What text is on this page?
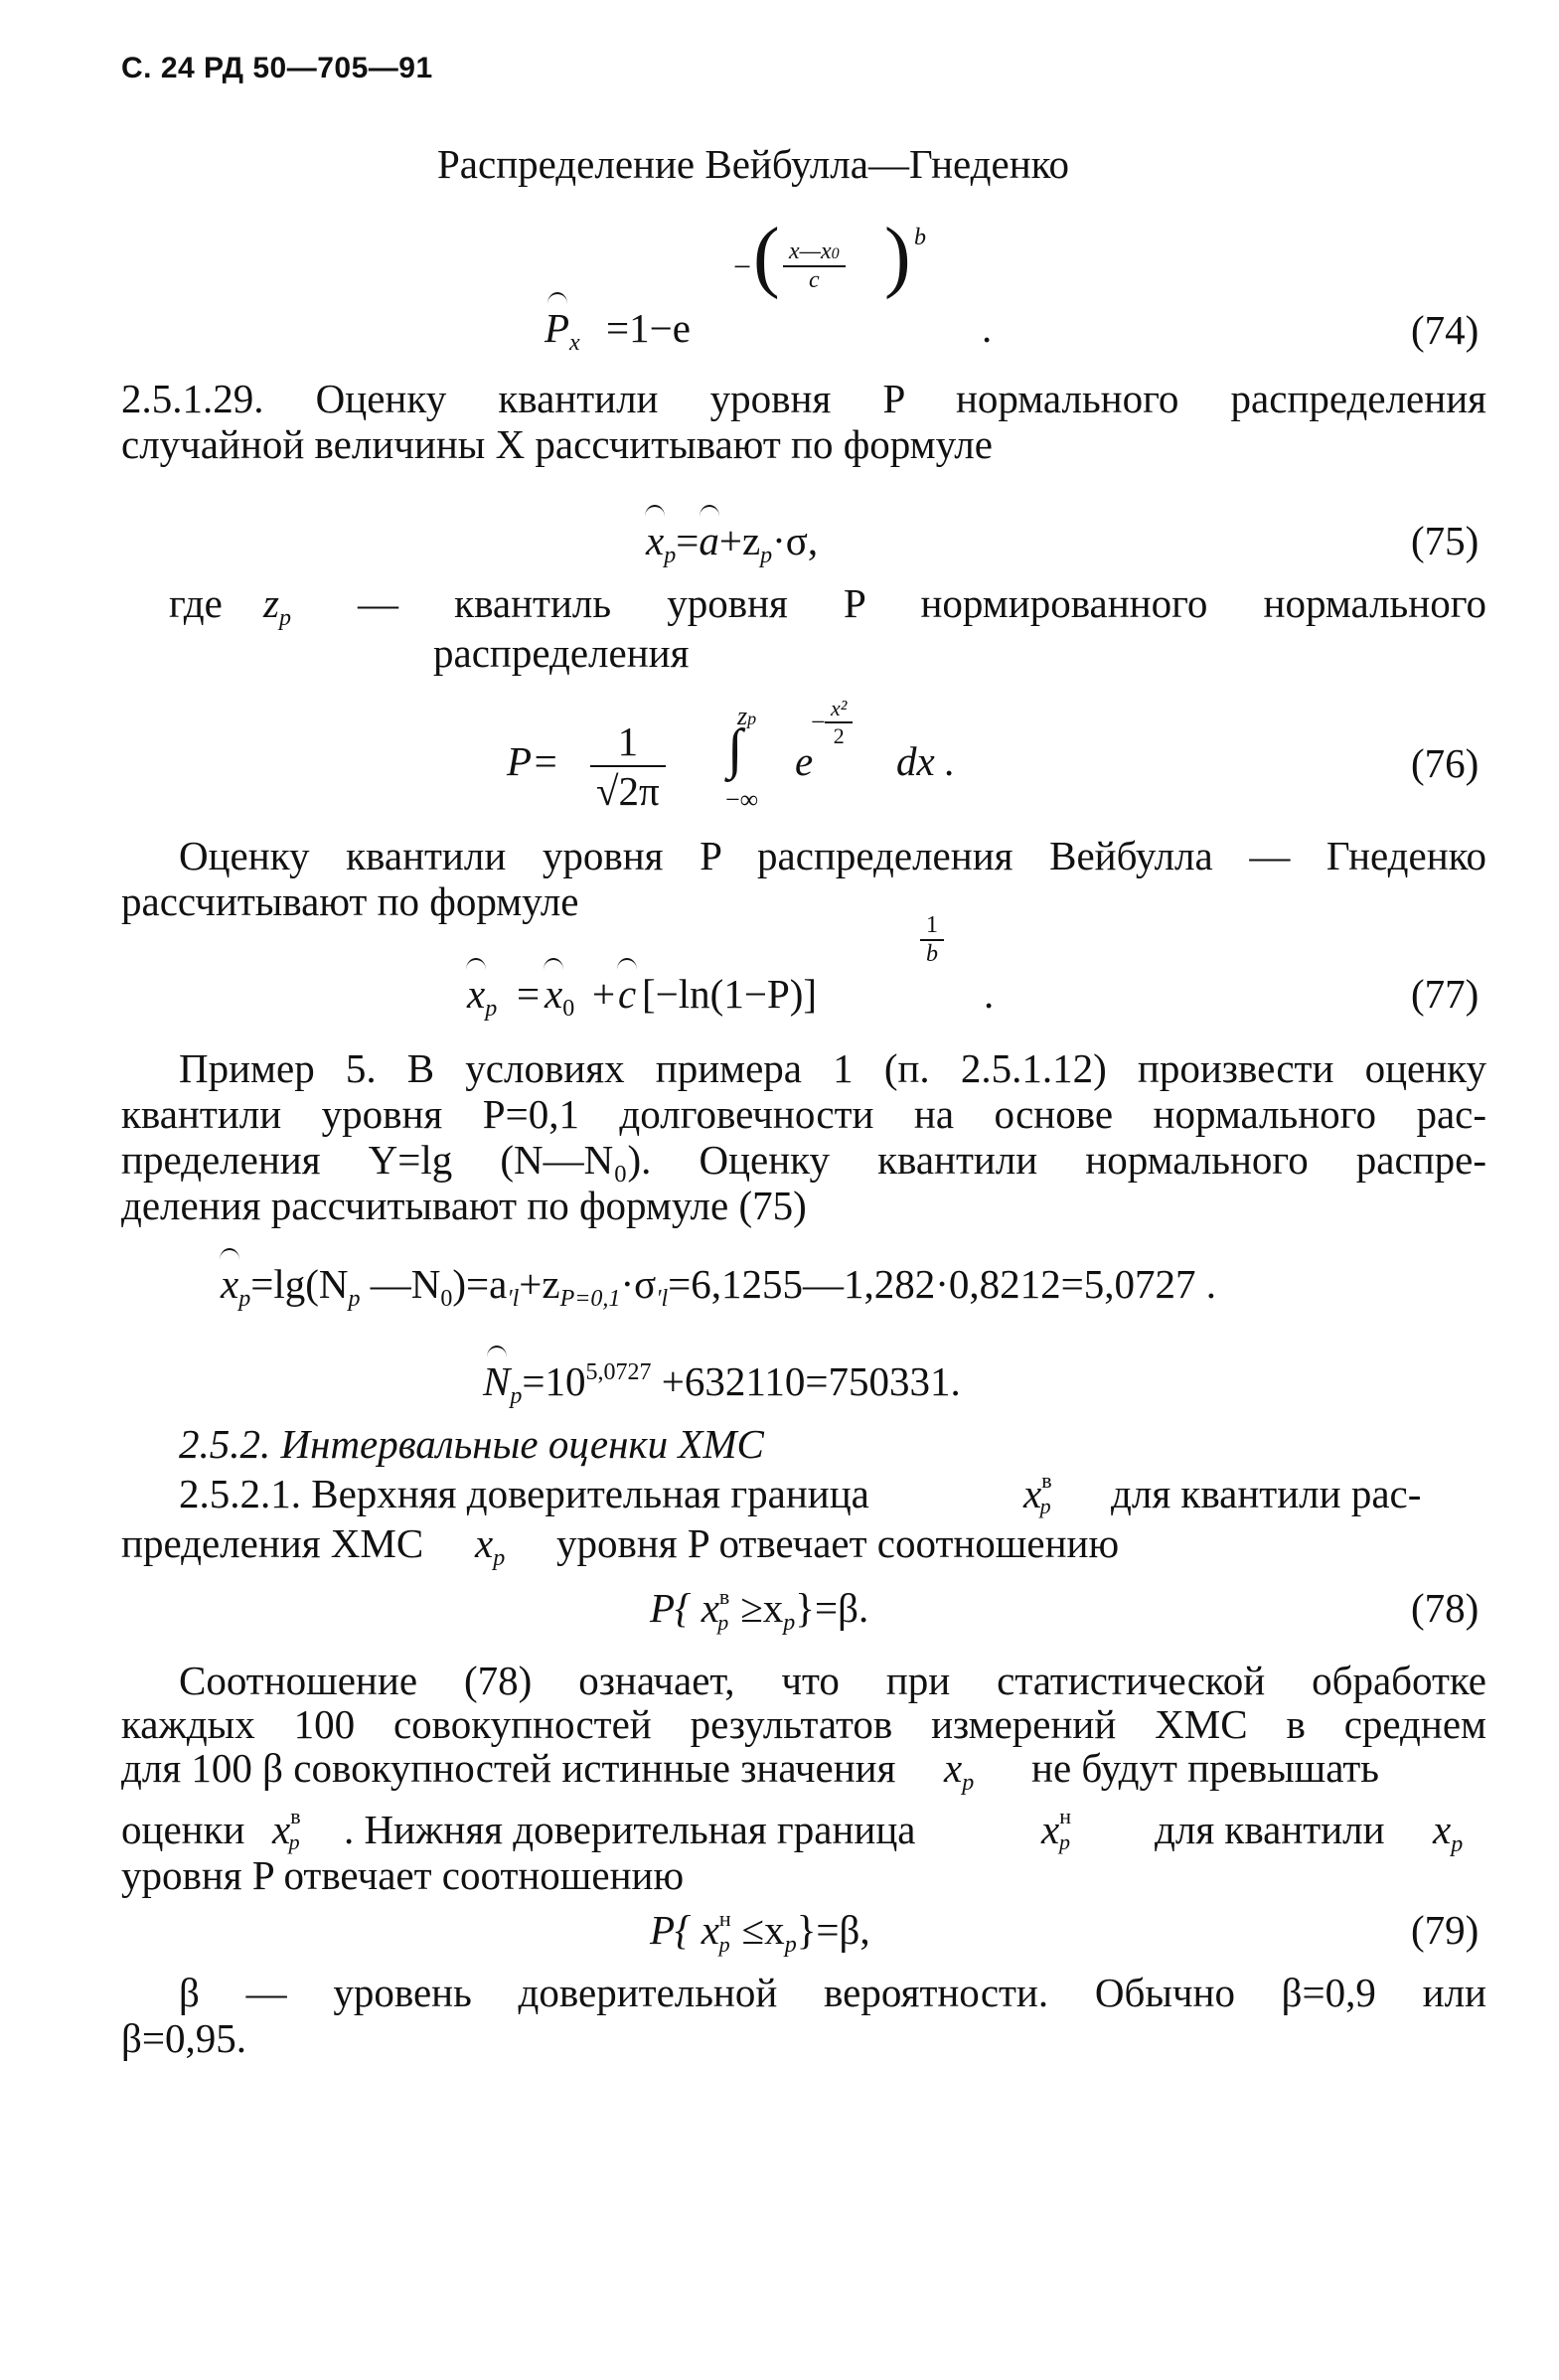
С. 24 РД 50—705—91
Распределение Вейбулла—Гнеденко
$P_x =1-e$
− ( $\frac{x—x0}{c}$ ) b
.	(74)
2.5.1.29. Оценку квантили уровня P нормального распределения
случайной величины X рассчитывают по формуле
$x_p=a+z_p\cdot\sigma$,	(75)
где $z_p$ — квантиль уровня P нормированного нормального
распределения
$P= \frac{1}{√2\pi}$
zp
∫
−∞
e
− $\frac{\text{x²}}{2}$
dx .	(76)
Оценку квантили уровня P распределения Вейбулла — Гнеденко
рассчитывают по формуле
$x_p = x_0 + c$ [−ln(1−P)]
$\frac{1}{b}$
.	(77)
Пример 5. В условиях примера 1 (п. 2.5.1.12) произвести оценку
квантили уровня P=0,1 долговечности на основе нормального рас-
пределения Y=lg (N—N₀). Оценку квантили нормального распре-
деления рассчитывают по формуле (75)
$x_p=\lg(N_p$ $—N_0)=a_{'l}+z_{P=0,1}\cdot\sigma_{'l}=6,1255—1,282\cdot 0,8212=5,0727$ .
$N_p=10^{5,0727} +632110=750331$.
2.5.2. Интервальные оценки ХМС
2.5.2.1. Верхняя доверительная граница	$x^вp$ для квантили рас-
пределения ХМС $x_p$ уровня P отвечает соотношению
P{ $x^вp \ge x_p\}=\beta$.	(78)
Соотношение (78) означает, что при статистической обработке
каждых 100 совокупностей результатов измерений ХМС в среднем
для 100 β совокупностей истинные значения $x_p$ не будут превышать
оценки $x^вp$ . Нижняя доверительная граница	$x^нp$ для квантили $x_p$
уровня P отвечает соотношению
P{ $x^нp \le x_p\}=\beta$,	(79)
β — уровень доверительной вероятности. Обычно β=0,9 или
β=0,95.
